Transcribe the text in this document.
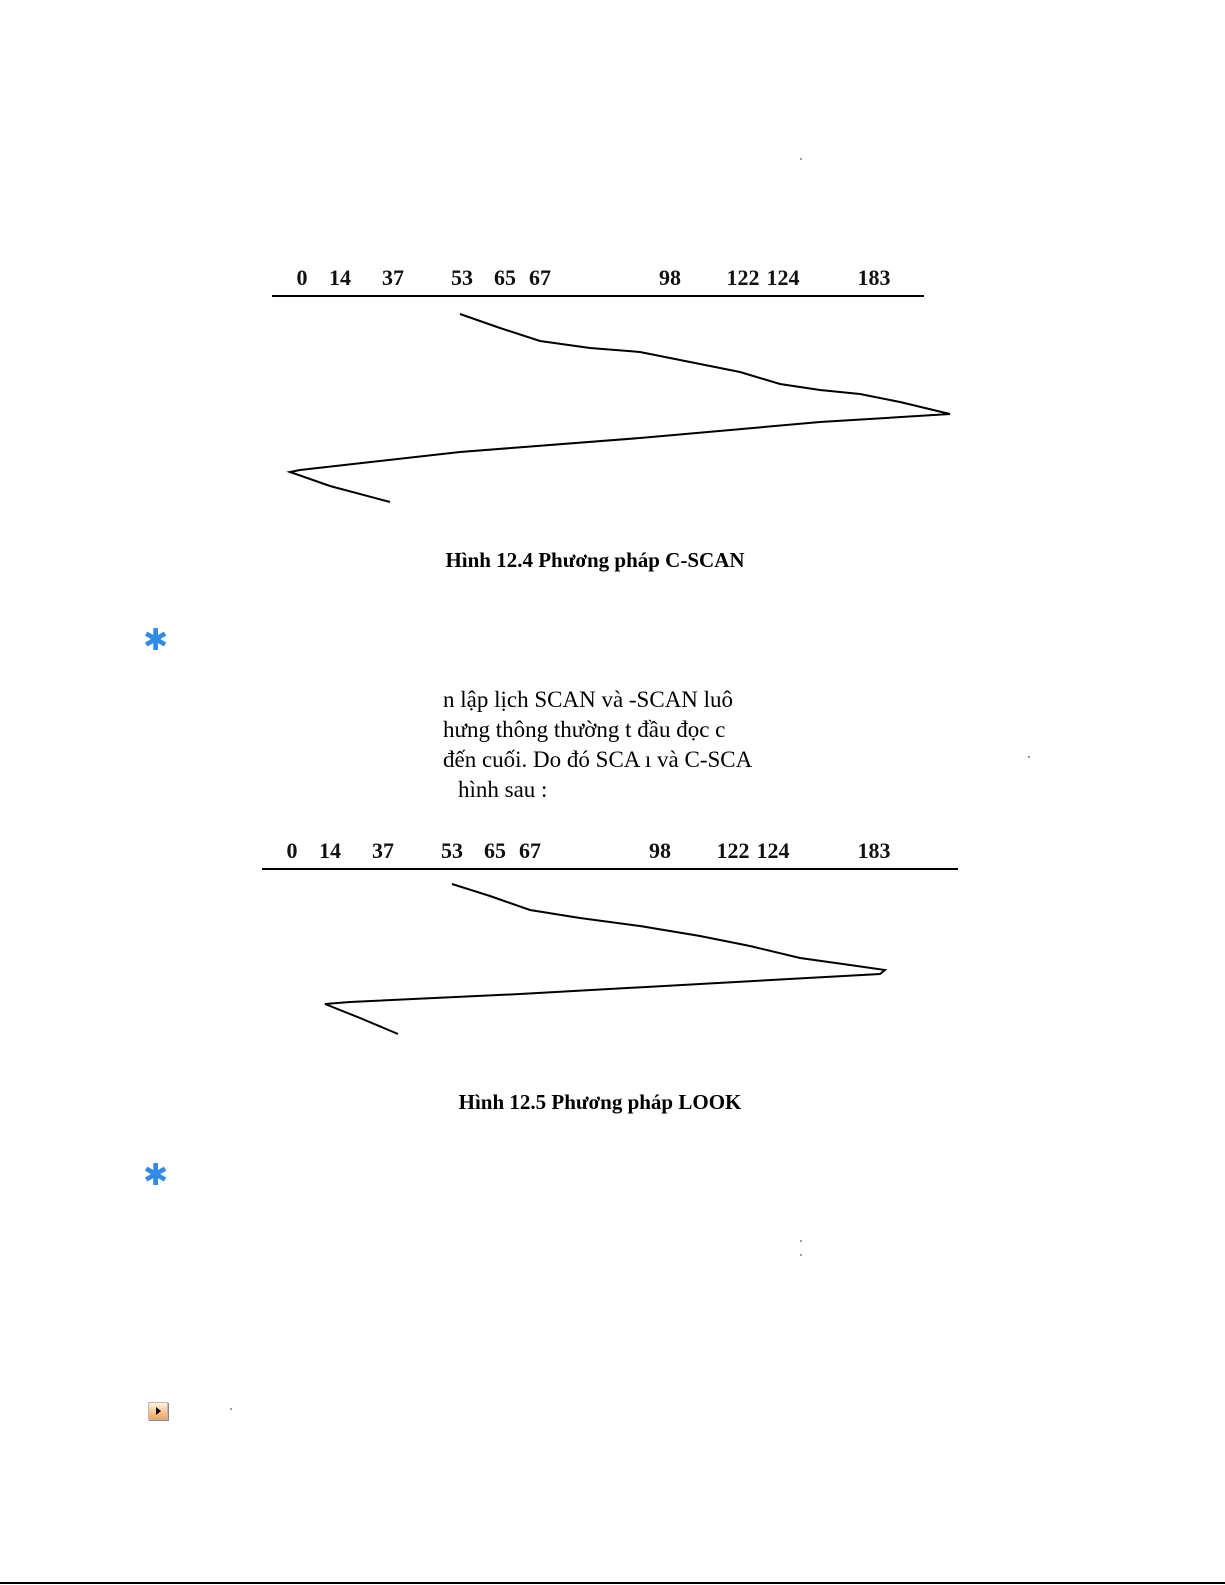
0 14 37 53 65 67	98 122 124	183
Hình 12.4 Phương pháp C-SCAN
✱
n lập lịch SCAN và -SCAN luô
hưng thông thường t đầu đọc c
đến cuối. Do đó SCA ı và C-SCA
hình sau :
0 14 37 53 65 67	98 122 124	183
Hình 12.5 Phương pháp LOOK
✱
